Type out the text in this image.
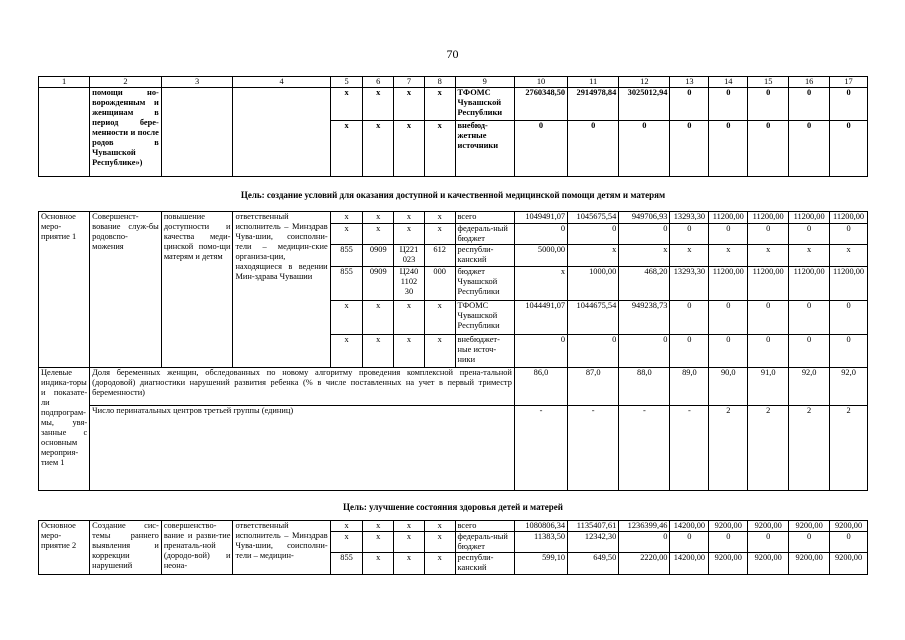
70
1	2	3	4	5	6	7	8	9	10	11	12	13	14	15	16	17
	помощи но-ворожденным и женщинам в период бере-менности и после родов в Чувашской Республике»)			х	х	х	х	ТФОМС Чувашской Республики	2760348,50	2914978,84	3025012,94	0	0	0	0	0
				х	х	х	х	внебюд-жетные источники	0	0	0	0	0	0	0	0
Цель: создание условий для оказания доступной и качественной медицинской помощи детям и матерям
Основное меро-приятие 1	Совершенст-вование служ-бы родовспо-можения	повышение доступности и качества меди-цинской помо-щи матерям и детям	ответственный исполнитель – Минздрав Чува-шии, соисполни-тели – медицин-ские организа-ции, находящиеся в ведении Мин-здрава Чувашии	х	х	х	х	всего	1049491,07	1045675,54	949706,93	13293,30	11200,00	11200,00	11200,00	11200,00
				х	х	х	х	федераль-ный бюджет	0	0	0	0	0	0	0	0
				855	0909	Ц221 023	612	республи-канский	5000,00	х	х	х	х	х	х	х
				855	0909	Ц240 1102 30	000	бюджет Чувашской Республики	х	1000,00	468,20	13293,30	11200,00	11200,00	11200,00	11200,00
				х	х	х	х	ТФОМС Чувашской Республики	1044491,07	1044675,54	949238,73	0	0	0	0	0
				х	х	х	х	внебюджет-ные источ-ники	0	0	0	0	0	0	0	0
Целевые индика-торы и показате-ли подпрограм-мы, увя-занные с основным мероприя-тием 1	Доля беременных женщин, обследованных по новому алгоритму проведения комплексной прена-тальной (дородовой) диагностики нарушений развития ребенка (% в числе поставленных на учет в первый триместр беременности)								86,0	87,0	88,0	89,0	90,0	91,0	92,0	92,0
	Число перинатальных центров третьей группы (единиц)								-	-	-	-	2	2	2	2
Цель: улучшение состояния здоровья детей и матерей
Основное меро-приятие 2	Создание сис-темы раннего выявления и коррекции нарушений	совершенство-вание и разви-тие пренаталь-ной (дородо-вой) и неона-	ответственный исполнитель – Минздрав Чува-шии, соисполни-тели – медицин-	х	х	х	х	всего	1080806,34	1135407,61	1236399,46	14200,00	9200,00	9200,00	9200,00	9200,00
				х	х	х	х	федераль-ный бюджет	11383,50	12342,30	0	0	0	0	0	0
				855	х	х	х	республи-канский	599,10	649,50	2220,00	14200,00	9200,00	9200,00	9200,00	9200,00
